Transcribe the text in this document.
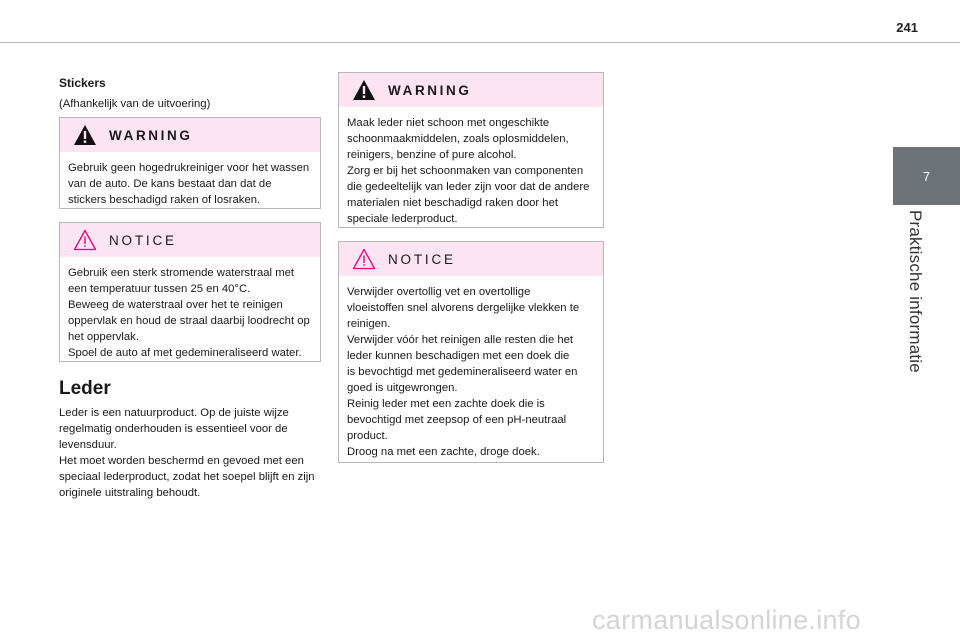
241
7
Praktische informatie
Stickers

(Afhankelijk van de uitvoering)

WARNING

Gebruik geen hogedrukreiniger voor het wassen

van de auto. De kans bestaat dan dat de

stickers beschadigd raken of losraken.

NOTICE

Gebruik een sterk stromende waterstraal met

een temperatuur tussen 25 en 40°C.

Beweeg de waterstraal over het te reinigen

oppervlak en houd de straal daarbij loodrecht op

het oppervlak.

Spoel de auto af met gedemineraliseerd water.

Leder

Leder is een natuurproduct. Op de juiste wijze

regelmatig onderhouden is essentieel voor de

levensduur.

Het moet worden beschermd en gevoed met een

speciaal lederproduct, zodat het soepel blijft en zijn

originele uitstraling behoudt.

WARNING

Maak leder niet schoon met ongeschikte

schoonmaakmiddelen, zoals oplosmiddelen,

reinigers, benzine of pure alcohol.

Zorg er bij het schoonmaken van componenten

die gedeeltelijk van leder zijn voor dat de andere

materialen niet beschadigd raken door het

speciale lederproduct.

NOTICE

Verwijder overtollig vet en overtollige

vloeistoffen snel alvorens dergelijke vlekken te

reinigen.

Verwijder vóór het reinigen alle resten die het

leder kunnen beschadigen met een doek die

is bevochtigd met gedemineraliseerd water en

goed is uitgewrongen.

Reinig leder met een zachte doek die is

bevochtigd met zeepsop of een pH-neutraal

product.

Droog na met een zachte, droge doek.

carmanualsonline.info
